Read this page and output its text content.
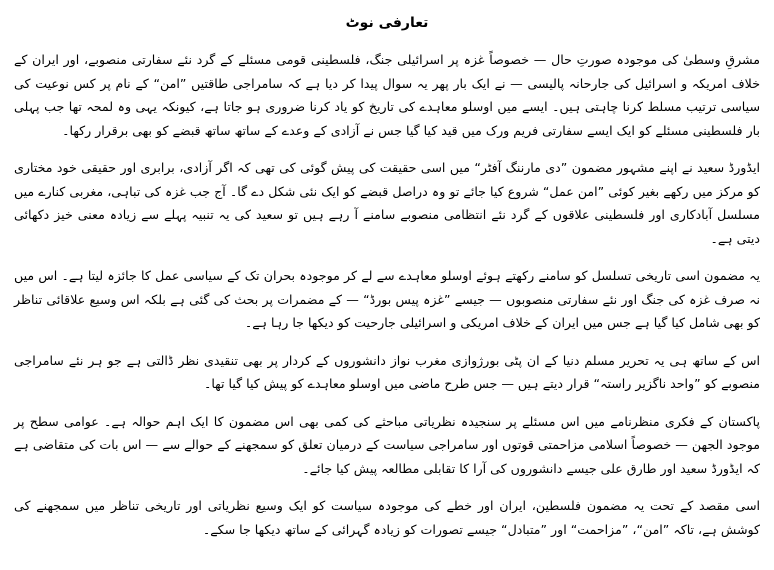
تعارفی نوٹ
مشرقِ وسطیٰ کی موجودہ صورتِ حال — خصوصاً غزہ پر اسرائیلی جنگ، فلسطینی قومی مسئلے کے گرد نئے سفارتی منصوبے، اور ایران کے خلاف امریکہ و اسرائیل کی جارحانہ پالیسی — نے ایک بار پھر یہ سوال پیدا کر دیا ہے کہ سامراجی طاقتیں ”امن“ کے نام پر کس نوعیت کی سیاسی ترتیب مسلط کرنا چاہتی ہیں۔ ایسے میں اوسلو معاہدے کی تاریخ کو یاد کرنا ضروری ہو جاتا ہے، کیونکہ یہی وہ لمحہ تھا جب پہلی بار فلسطینی مسئلے کو ایک ایسے سفارتی فریم ورک میں قید کیا گیا جس نے آزادی کے وعدے کے ساتھ ساتھ قبضے کو بھی برقرار رکھا۔
ایڈورڈ سعید نے اپنے مشہور مضمون ”دی مارننگ آفٹر“ میں اسی حقیقت کی پیش گوئی کی تھی کہ اگر آزادی، برابری اور حقیقی خود مختاری کو مرکز میں رکھے بغیر کوئی ”امن عمل“ شروع کیا جائے تو وہ دراصل قبضے کو ایک نئی شکل دے گا۔ آج جب غزہ کی تباہی، مغربی کنارے میں مسلسل آبادکاری اور فلسطینی علاقوں کے گرد نئے انتظامی منصوبے سامنے آ رہے ہیں تو سعید کی یہ تنبیہ پہلے سے زیادہ معنی خیز دکھائی دیتی ہے۔
یہ مضمون اسی تاریخی تسلسل کو سامنے رکھتے ہوئے اوسلو معاہدے سے لے کر موجودہ بحران تک کے سیاسی عمل کا جائزہ لیتا ہے۔ اس میں نہ صرف غزہ کی جنگ اور نئے سفارتی منصوبوں — جیسے ”غزہ پیس بورڈ“ — کے مضمرات پر بحث کی گئی ہے بلکہ اس وسیع علاقائی تناظر کو بھی شامل کیا گیا ہے جس میں ایران کے خلاف امریکی و اسرائیلی جارحیت کو دیکھا جا رہا ہے۔
اس کے ساتھ ہی یہ تحریر مسلم دنیا کے ان پٹی بورژوازی مغرب نواز دانشوروں کے کردار پر بھی تنقیدی نظر ڈالتی ہے جو ہر نئے سامراجی منصوبے کو ”واحد ناگزیر راستہ“ قرار دیتے ہیں — جس طرح ماضی میں اوسلو معاہدے کو پیش کیا گیا تھا۔
پاکستان کے فکری منظرنامے میں اس مسئلے پر سنجیدہ نظریاتی مباحثے کی کمی بھی اس مضمون کا ایک اہم حوالہ ہے۔ عوامی سطح پر موجود الجھن — خصوصاً اسلامی مزاحمتی قوتوں اور سامراجی سیاست کے درمیان تعلق کو سمجھنے کے حوالے سے — اس بات کی متقاضی ہے کہ ایڈورڈ سعید اور طارق علی جیسے دانشوروں کی آرا کا تقابلی مطالعہ پیش کیا جائے۔
اسی مقصد کے تحت یہ مضمون فلسطین، ایران اور خطے کی موجودہ سیاست کو ایک وسیع نظریاتی اور تاریخی تناظر میں سمجھنے کی کوشش ہے، تاکہ ”امن“، ”مزاحمت“ اور ”متبادل“ جیسے تصورات کو زیادہ گہرائی کے ساتھ دیکھا جا سکے۔
